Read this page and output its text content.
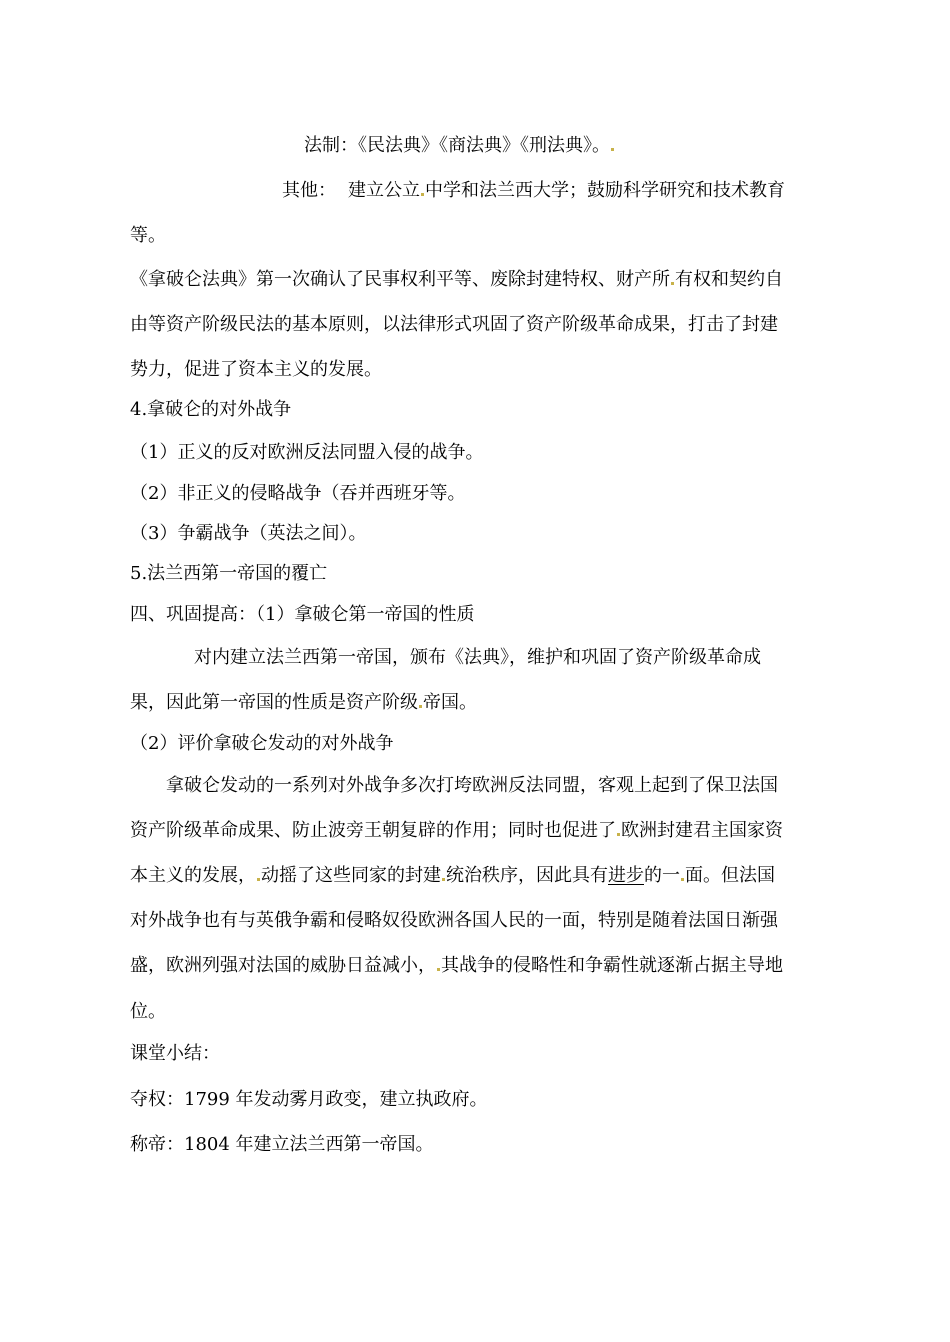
法制：《民法典》《商法典》《刑法典》。
其他： 建立公立 中学和法兰西大学；鼓励科学研究和技术教育
等。
《拿破仑法典》第一次确认了民事权利平等、废除封建特权、财产所 有权和契约自
由等资产阶级民法的基本原则，以法律形式巩固了资产阶级革命成果，打击了封建
势力，促进了资本主义的发展。
4.拿破仑的对外战争
（1）正义的反对欧洲反法同盟入侵的战争。
（2）非正义的侵略战争（吞并西班牙等。
（3）争霸战争（英法之间）。
5.法兰西第一帝国的覆亡
四、巩固提高：（1）拿破仑第一帝国的性质
对内建立法兰西第一帝国，颁布《法典》，维护和巩固了资产阶级革命成
果，因此第一帝国的性质是资产阶级 帝国。
（2）评价拿破仑发动的对外战争
拿破仑发动的一系列对外战争多次打垮欧洲反法同盟，客观上起到了保卫法国
资产阶级革命成果、防止波旁王朝复辟的作用；同时也促进了 欧洲封建君主国家资
本主义的发展， 动摇了这些同家的封建 统治秩序，因此具有进步的一 面。但法国
对外战争也有与英俄争霸和侵略奴役欧洲各国人民的一面，特别是随着法国日渐强
盛，欧洲列强对法国的威胁日益减小， 其战争的侵略性和争霸性就逐渐占据主导地
位。
课堂小结：
夺权：1799 年发动雾月政变，建立执政府。
称帝：1804 年建立法兰西第一帝国。
